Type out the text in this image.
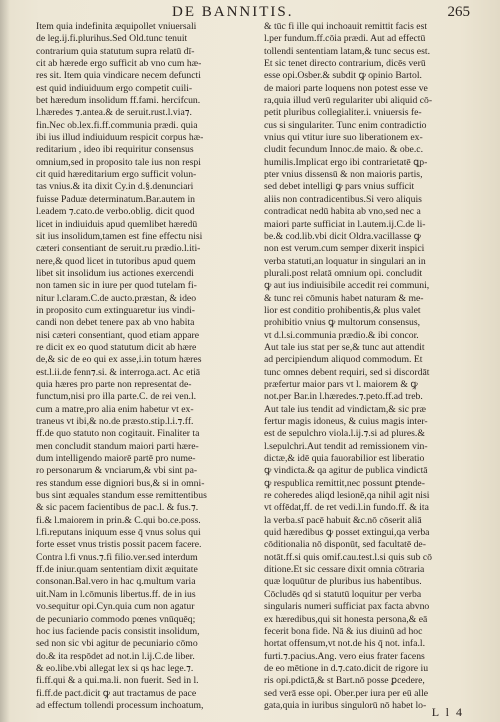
DE BANNITIS.	265
Item quia indefinita æquipollet vniuersali
de leg.ij.fi.plurihus.Sed Old.tunc tenuit
contrarium quia statutum supra relatū dī-
cit ab hærede ergo sufficit ab vno cum hæ-
res sit. Item quia vindicare necem defuncti
est quid indiuiduum ergo competit cuili-
bet hæredum insolidum ff.fami. hercifcun.
l.hæredes ⁊.antea.& de seruit.rust.l.via⁊.
fin.Nec ob.lex.fi.ff.communia prædi. quia
ibi ius illud indiuiduum respicit corpus hæ-
reditarium , ideo ibi requiritur consensus
omnium,sed in proposito tale ius non respi
cit quid hæreditarium ergo sufficit volun-
tas vnius.& ita dixit Cy.in d.§.denunciari
fuisse Paduæ determinatum.Bar.autem in
l.eadem ⁊.cato.de verbo.oblig. dicit quod
licet in indiuiduis apud quemlibet hæredū
sit ius insolidum,tamen est fine effectu nisi
cæteri consentiant de seruit.ru prædio.l.iti-
nere,& quod licet in tutoribus apud quem
libet sit insolidum ius actiones exercendi
non tamen sic in iure per quod tutelam fi-
nitur l.claram.C.de aucto.præstan, & ideo
in proposito cum extinguaretur ius vindi-
candi non debet tenere pax ab vno habita
nisi cæteri consentiant, quod etiam appare
re dicit ex eo quod statutum dicit ab hære
de,& sic de eo qui ex asse,i.in totum hæres
est.l.ii.de fenn⁊.si. & interroga.act. Ac etiā
quia hæres pro parte non representat de-
functum,nisi pro illa parte.C. de rei ven.l.
cum a matre,pro alia enim habetur vt ex-
traneus vt ibi,& no.de præsto.stip.l.i.⁊.ff.
ff.de quo statuto non cogitauit. Finaliter ta
men concludit standum maiori parti hære-
dum intelligendo maiorē partē pro nume-
ro personarum & vnciarum,& vbi sint pa-
res standum esse digniori bus,& si in omni-
bus sint æquales standum esse remittentibus
& sic pacem facientibus de pac.l. & fus.⁊.
fi.& l.maiorem in prin.& C.qui bo.ce.poss.
l.fi.reputans iniquum esse q̄ vnus solus qui
forte esset vnus tristis possit pacem facere.
Contra l.fi vnus.⁊.fi filio.ver.sed interdum
ff.de iniur.quam sententiam dixit æquitate
consonan.Bal.vero in hac q.multum varia
uit.Nam in l.cōmunis libertus.ff. de in ius
vo.sequitur opi.Cyn.quia cum non agatur
de pecuniario commodo pœnes vnūquēq;
hoc ius faciende pacis consistit insolidum,
sed non sic vbi agitur de pecuniario cōmo
do.& ita respōdet ad not.in l.ij.C.de liber.
& eo.libe.vbi allegat lex si qs hac lege.⁊.
fi.ff.qui & a qui.ma.li. non fuerit. Sed in l.
fi.ff.de pact.dicit ꝙ aut tractamus de pace
ad effectum tollendi processum inchoatum,
& tūc fi ille qui inchoauit remittit facis est
l.per fundum.ff.cōia prædi. Aut ad effectū
tollendi sententiam latam,& tunc secus est.
Et sic tenet directo contrarium, dicēs verū
esse opi.Osber.& subdit ꝙ opinio Bartol.
de maiori parte loquens non potest esse ve
ra,quia illud verū regulariter ubi aliquid cō-
petit pluribus collegialiter.i. vniuersis fe-
cus si singulariter. Tunc enim contradictio
vnius qui vtitur iure suo liberationem ex-
cludit fecundum Innoc.de maio. & obe.c.
humilis.Implicat ergo ibi contrarietatē ꝗp-
pter vnius dissensū & non maioris partis,
sed debet intelligi ꝙ pars vnius sufficit
aliis non contradicentibus.Si vero aliquis
contradicat nedū habita ab vno,sed nec a
maiori parte sufficiat in l.autem.ij.C.de li-
be.& cod.lib.vbi dicit Oldra.vacillasse ꝙ
non est verum.cum semper dixerit inspici
verba statuti,an loquatur in singulari an in
plurali.post relatā omnium opi. concludit
ꝙ aut ius indiuisibile accedit rei communi,
& tunc rei cōmunis habet naturam & me-
lior est conditio prohibentis,& plus valet
prohibitio vnius ꝙ multorum consensus,
vt d.l.si.communia prædio.& ibi concor.
Aut tale ius stat per se,& tunc aut attendit
ad percipiendum aliquod commodum. Et
tunc omnes debent requiri, sed si discordāt
præfertur maior pars vt l. maiorem & ꝙ
not.per Bar.in l.hæredes.⁊.peto.ff.ad treb.
Aut tale ius tendit ad vindictam,& sic præ
fertur magis idoneus, & cuius magis inter-
est de sepulchro viola.l.ij.⁊.si ad plures.&
l.sepulchri.Aut tendit ad remissionem vin-
dictæ,& idē quia fauorabilior est liberatio
ꝙ vindicta.& qa agitur de publica vindictā
ꝙ respublica remittit,nec possunt ꝑtende-
re coheredes aliqd lesionē,qa nihil agit nisi
vt offēdat,ff. de ret vedi.l.in fundo.ff. & ita
la verba.sī pacē habuit &c.nō cōserit aliā
quid hæredibus ꝙ posset extingui,qa verba
cōditionalia nō disponūt, sed facultatē de-
notāt.ff.si quis omif.cau.test.l.si quis sub cō
ditione.Et sic cessare dixit omnia cōtraria
quæ loquūtur de pluribus ius habentibus.
Cōcludēs qd si statutū loquitur per verba
singularis numeri sufficiat pax facta abvno
ex hæredibus,qui sit honesta persona,& eā
fecerit bona fide. Nā & ius diuinū ad hoc
hortat offensum,vt not.de his q̄ not. infa.l.
furti.⁊.pacius.Ang. vero eius frater facens
de eo mētione in d.⁊.cato.dicit de rigore iu
ris opi.pdictā,& st Bart.nō posse ꝑcedere,
sed verā esse opi. Ober.per iura per eū alle
gata,quia in iuribus singulorū nō habet lo- L l 4
